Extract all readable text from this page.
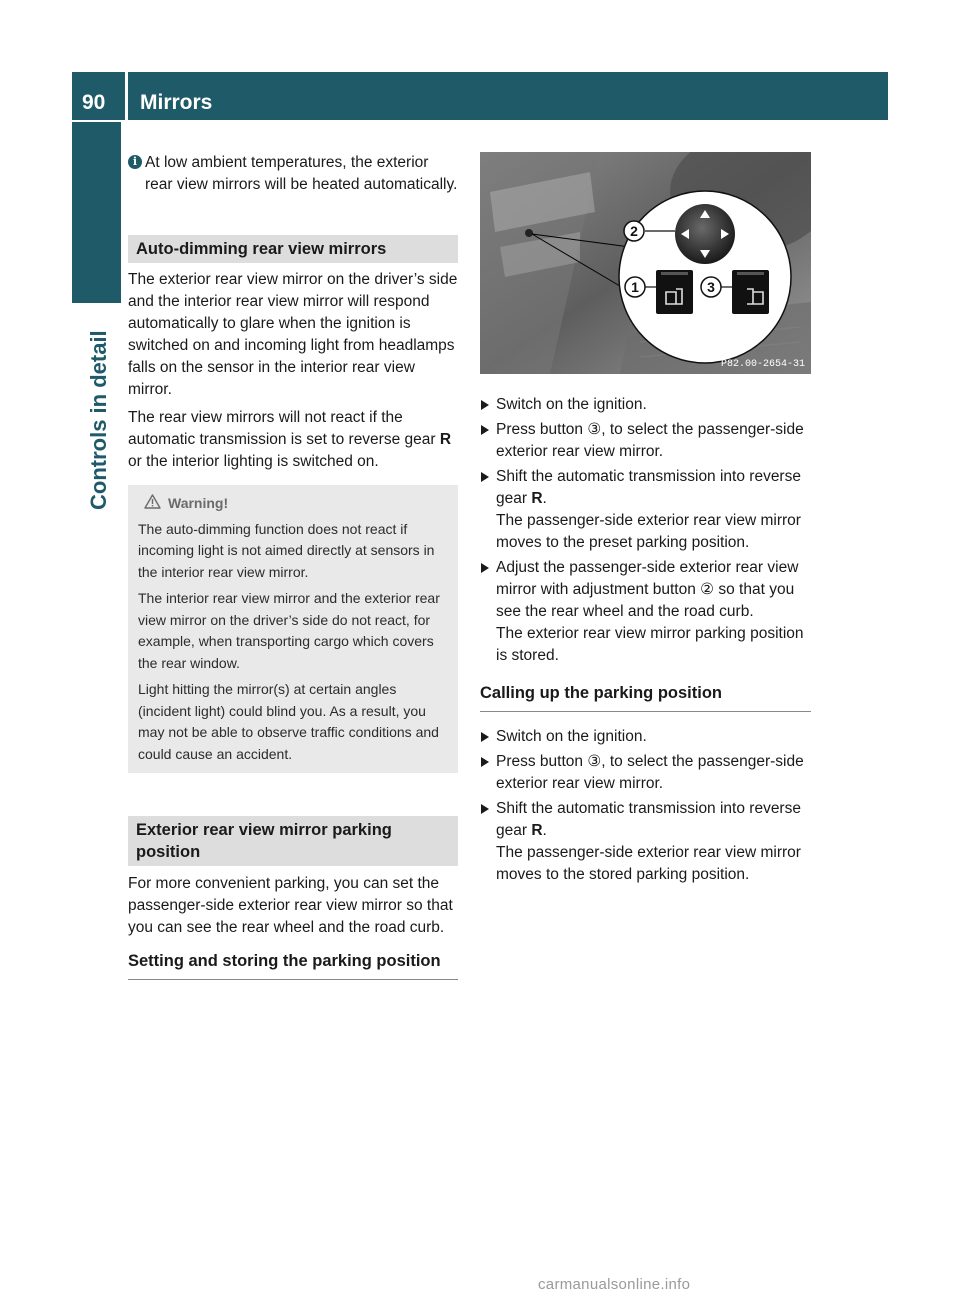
90 Mirrors
Controls in detail
i At low ambient temperatures, the exterior rear view mirrors will be heated automatically.
Auto-dimming rear view mirrors

The exterior rear view mirror on the driver’s side and the interior rear view mirror will respond automatically to glare when the ignition is switched on and incoming light from headlamps falls on the sensor in the interior rear view mirror.

The rear view mirrors will not react if the automatic transmission is set to reverse gear R or the interior lighting is switched on.

Warning!

The auto-dimming function does not react if incoming light is not aimed directly at sensors in the interior rear view mirror.

The interior rear view mirror and the exterior rear view mirror on the driver’s side do not react, for example, when transporting cargo which covers the rear window.

Light hitting the mirror(s) at certain angles (incident light) could blind you. As a result, you may not be able to observe traffic conditions and could cause an accident.

Exterior rear view mirror parking position

For more convenient parking, you can set the passenger-side exterior rear view mirror so that you can see the rear wheel and the road curb.

Setting and storing the parking position
2
1	3
P82.00-2654-31
Switch on the ignition.
Press button ③, to select the passenger-side exterior rear view mirror.
Shift the automatic transmission into reverse gear R.
The passenger-side exterior rear view mirror moves to the preset parking position.
Adjust the passenger-side exterior rear view mirror with adjustment button ② so that you see the rear wheel and the road curb.
The exterior rear view mirror parking position is stored.
Calling up the parking position
Switch on the ignition.
Press button ③, to select the passenger-side exterior rear view mirror.
Shift the automatic transmission into reverse gear R.
The passenger-side exterior rear view mirror moves to the stored parking position.
carmanualsonline.info
